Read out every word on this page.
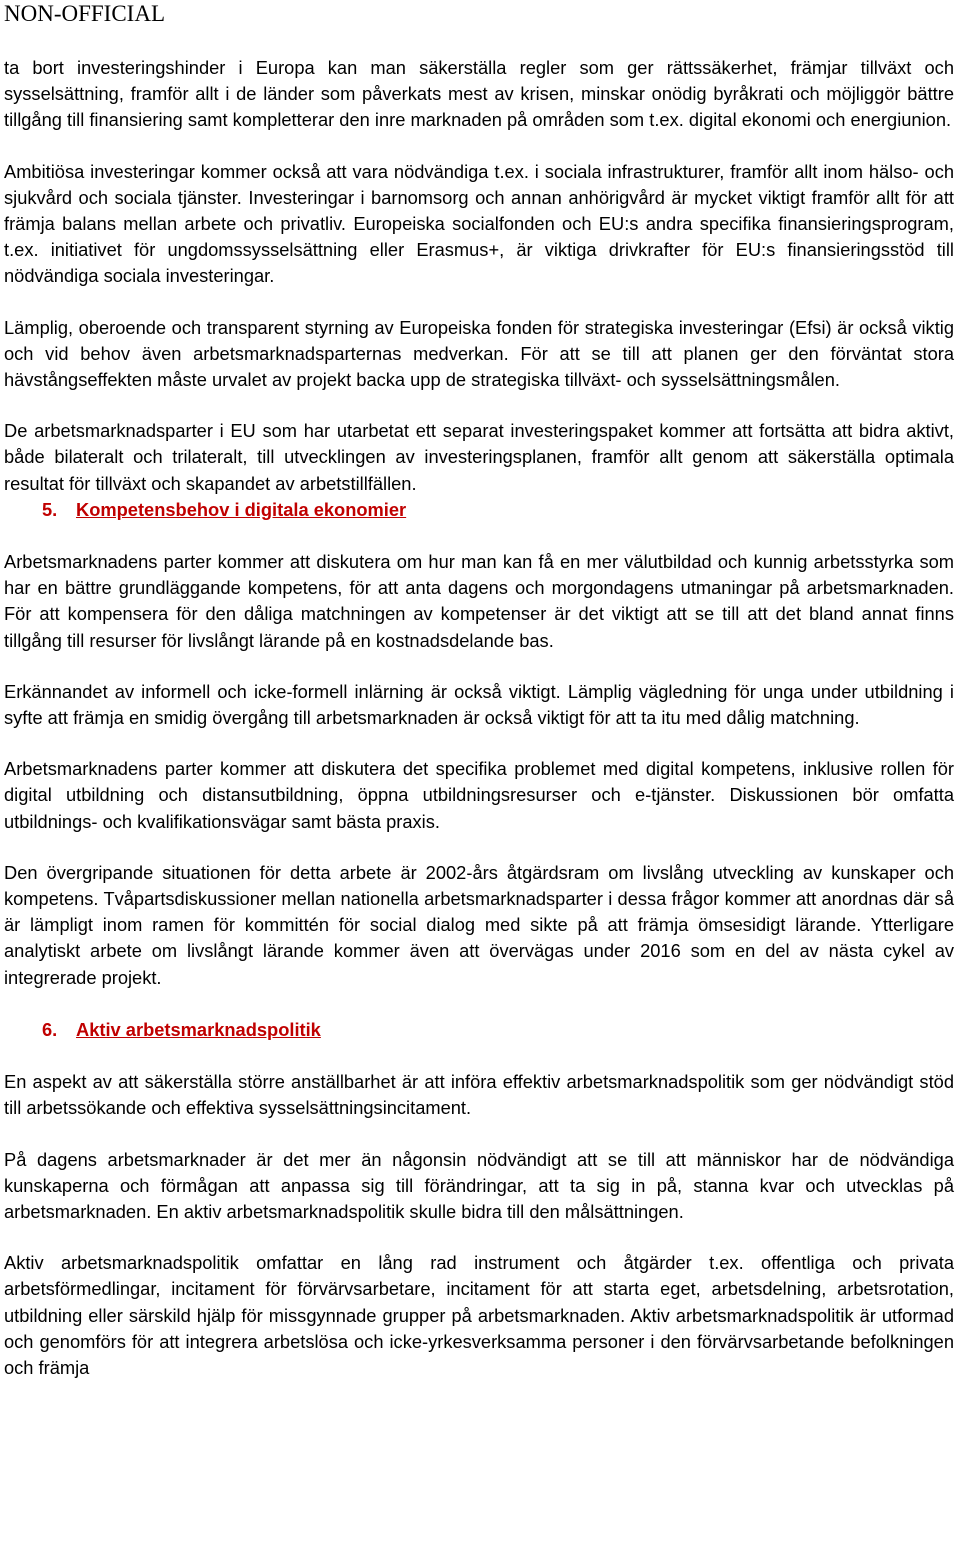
NON-OFFICIAL

ta bort investeringshinder i Europa kan man säkerställa regler som ger rättssäkerhet, främjar tillväxt och sysselsättning, framför allt i de länder som påverkats mest av krisen, minskar onödig byråkrati och möjliggör bättre tillgång till finansiering samt kompletterar den inre marknaden på områden som t.ex. digital ekonomi och energiunion.

Ambitiösa investeringar kommer också att vara nödvändiga t.ex. i sociala infrastrukturer, framför allt inom hälso- och sjukvård och sociala tjänster. Investeringar i barnomsorg och annan anhörigvård är mycket viktigt framför allt för att främja balans mellan arbete och privatliv. Europeiska socialfonden och EU:s andra specifika finansieringsprogram, t.ex. initiativet för ungdomssysselsättning eller Erasmus+, är viktiga drivkrafter för EU:s finansieringsstöd till nödvändiga sociala investeringar.

Lämplig, oberoende och transparent styrning av Europeiska fonden för strategiska investeringar (Efsi) är också viktig och vid behov även arbetsmarknadsparternas medverkan. För att se till att planen ger den förväntat stora hävstångseffekten måste urvalet av projekt backa upp de strategiska tillväxt- och sysselsättningsmålen.

De arbetsmarknadsparter i EU som har utarbetat ett separat investeringspaket kommer att fortsätta att bidra aktivt, både bilateralt och trilateralt, till utvecklingen av investeringsplanen, framför allt genom att säkerställa optimala resultat för tillväxt och skapandet av arbetstillfällen.

5. Kompetensbehov i digitala ekonomier

Arbetsmarknadens parter kommer att diskutera om hur man kan få en mer välutbildad och kunnig arbetsstyrka som har en bättre grundläggande kompetens, för att anta dagens och morgondagens utmaningar på arbetsmarknaden. För att kompensera för den dåliga matchningen av kompetenser är det viktigt att se till att det bland annat finns tillgång till resurser för livslångt lärande på en kostnadsdelande bas.

Erkännandet av informell och icke-formell inlärning är också viktigt. Lämplig vägledning för unga under utbildning i syfte att främja en smidig övergång till arbetsmarknaden är också viktigt för att ta itu med dålig matchning.

Arbetsmarknadens parter kommer att diskutera det specifika problemet med digital kompetens, inklusive rollen för digital utbildning och distansutbildning, öppna utbildningsresurser och e-tjänster. Diskussionen bör omfatta utbildnings- och kvalifikationsvägar samt bästa praxis.

Den övergripande situationen för detta arbete är 2002-års åtgärdsram om livslång utveckling av kunskaper och kompetens. Tvåpartsdiskussioner mellan nationella arbetsmarknadsparter i dessa frågor kommer att anordnas där så är lämpligt inom ramen för kommittén för social dialog med sikte på att främja ömsesidigt lärande. Ytterligare analytiskt arbete om livslångt lärande kommer även att övervägas under 2016 som en del av nästa cykel av integrerade projekt.

6. Aktiv arbetsmarknadspolitik

En aspekt av att säkerställa större anställbarhet är att införa effektiv arbetsmarknadspolitik som ger nödvändigt stöd till arbetssökande och effektiva sysselsättningsincitament.

På dagens arbetsmarknader är det mer än någonsin nödvändigt att se till att människor har de nödvändiga kunskaperna och förmågan att anpassa sig till förändringar, att ta sig in på, stanna kvar och utvecklas på arbetsmarknaden. En aktiv arbetsmarknadspolitik skulle bidra till den målsättningen.

Aktiv arbetsmarknadspolitik omfattar en lång rad instrument och åtgärder t.ex. offentliga och privata arbetsförmedlingar, incitament för förvärvsarbetare, incitament för att starta eget, arbetsdelning, arbetsrotation, utbildning eller särskild hjälp för missgynnade grupper på arbetsmarknaden. Aktiv arbetsmarknadspolitik är utformad och genomförs för att integrera arbetslösa och icke-yrkesverksamma personer i den förvärvsarbetande befolkningen och främja
